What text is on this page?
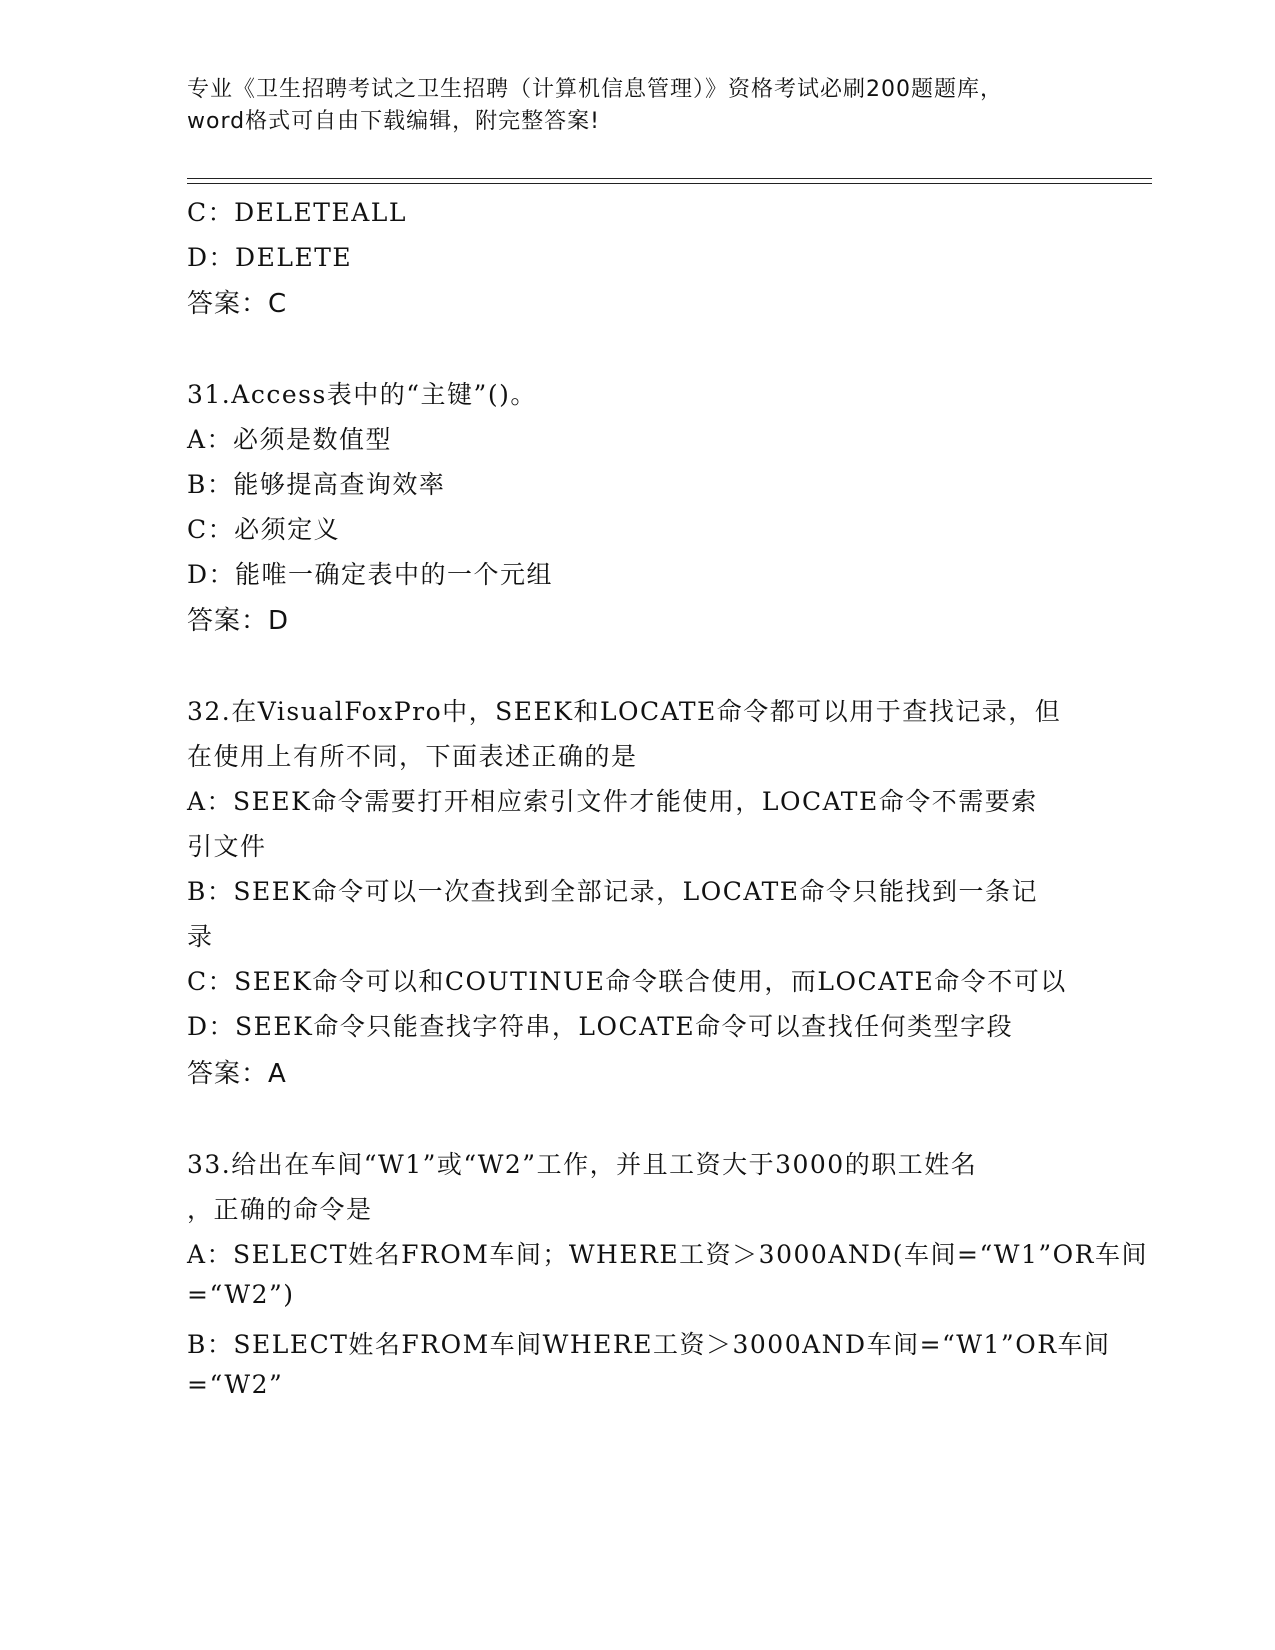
专业《卫生招聘考试之卫生招聘（计算机信息管理）》资格考试必刷200题题库，
word格式可自由下载编辑，附完整答案!
C：DELETEALL
D：DELETE
答案：C
31.Access表中的“主键”()。
A：必须是数值型
B：能够提高查询效率
C：必须定义
D：能唯一确定表中的一个元组
答案：D
32.在VisualFoxPro中，SEEK和LOCATE命令都可以用于查找记录，但
在使用上有所不同，下面表述正确的是
A：SEEK命令需要打开相应索引文件才能使用，LOCATE命令不需要索
引文件
B：SEEK命令可以一次查找到全部记录，LOCATE命令只能找到一条记
录
C：SEEK命令可以和COUTINUE命令联合使用，而LOCATE命令不可以
D：SEEK命令只能查找字符串，LOCATE命令可以查找任何类型字段
答案：A
33.给出在车间“W1”或“W2”工作，并且工资大于3000的职工姓名
，正确的命令是
A：SELECT姓名FROM车间；WHERE工资＞3000AND(车间=“W1”OR车间
=“W2”)
B：SELECT姓名FROM车间WHERE工资＞3000AND车间=“W1”OR车间
=“W2”
